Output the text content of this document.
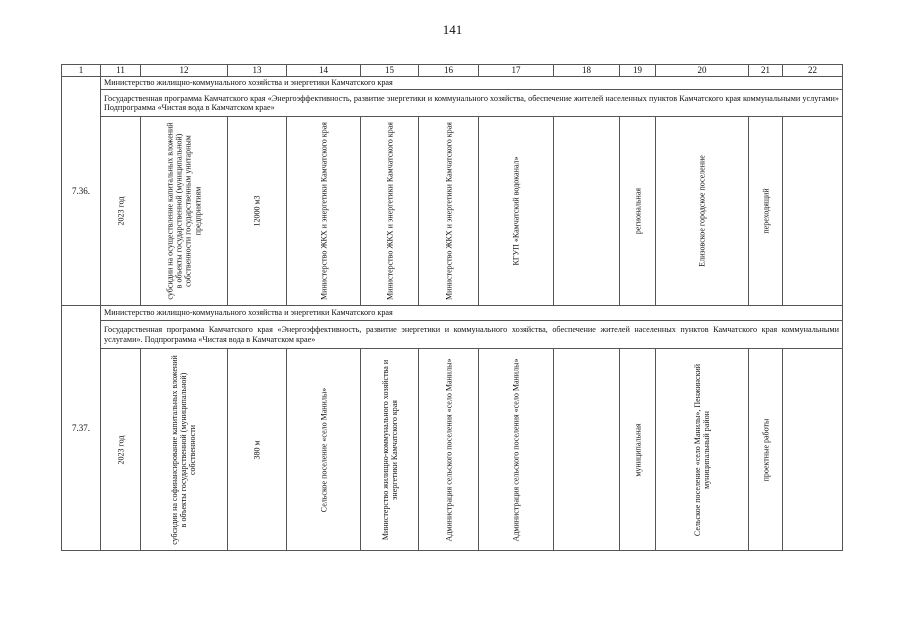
141
1	11	12	13	14	15	16	17	18	19	20	21	22
7.36.	Министерство жилищно-коммунального хозяйства и энергетики Камчатского края											
	Государственная программа Камчатского края «Энергоэффективность, развитие энергетики и коммунального хозяйства, обеспечение жителей населенных пунктов Камчатского края коммунальными услугами» Подпрограмма «Чистая вода в Камчатском крае»											

	2023 год	субсидии на осуществление капитальных вложений в объекты государственной (муниципальной) собственности государственным унитарным предприятиям	12000 м3	Министерство ЖКХ и энергетики Камчатского края	Министерство ЖКХ и энергетики Камчатского края	Министерство ЖКХ и энергетики Камчатского края	КГУП «Камчатский водоканал»		региональная	Елизовское городское поселение	переходящий	

7.37.	Министерство жилищно-коммунального хозяйства и энергетики Камчатского края											
	Государственная программа Камчатского края «Энергоэффективность, развитие энергетики и коммунального хозяйства, обеспечение жителей населенных пунктов Камчатского края коммунальными услугами». Подпрограмма «Чистая вода в Камчатском крае»											

	2023 год	субсидии на софинансирование капитальных вложений в объекты государственной (муниципальной) собственности	380 м	Сельское поселение «село Манилы»	Министерство жилищно-коммунального хозяйства и энергетики Камчатского края	Администрация сельского поселения «село Манилы»	Администрация сельского поселения «село Манилы»		муниципальная	Сельское поселение «село Манилы», Пенжинский муниципальный район	проектные работы	
